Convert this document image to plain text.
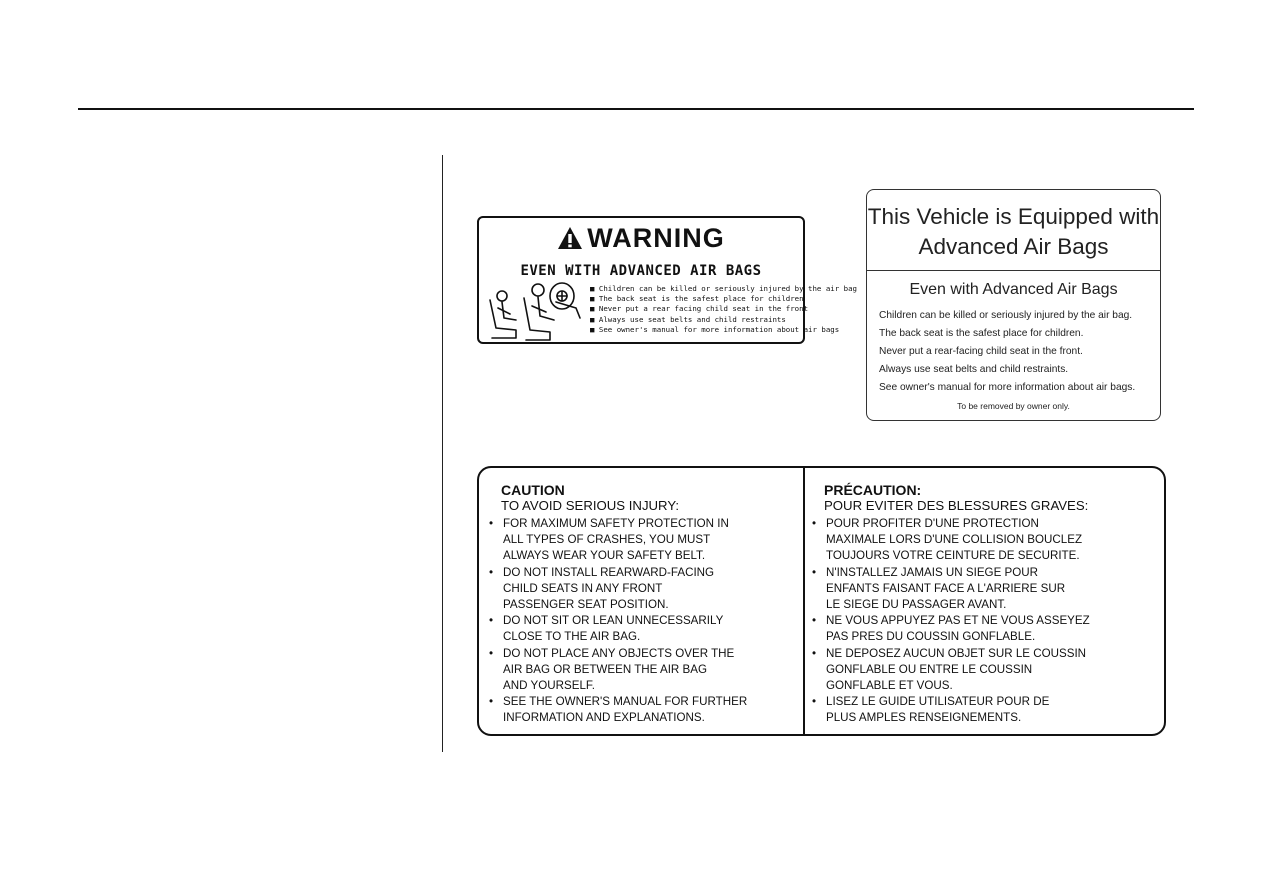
WARNING
EVEN WITH ADVANCED AIR BAGS
■ Children can be killed or seriously injured by the air bag
■ The back seat is the safest place for children
■ Never put a rear facing child seat in the front
■ Always use seat belts and child restraints
■ See owner's manual for more information about air bags
This Vehicle is Equipped with
Advanced Air Bags
Even with Advanced Air Bags
Children can be killed or seriously injured by the air bag.
The back seat is the safest place for children.
Never put a rear-facing child seat in the front.
Always use seat belts and child restraints.
See owner's manual for more information about air bags.
To be removed by owner only.
CAUTION
TO AVOID SERIOUS INJURY:
• FOR MAXIMUM SAFETY PROTECTION IN
ALL TYPES OF CRASHES, YOU MUST
ALWAYS WEAR YOUR SAFETY BELT.
• DO NOT INSTALL REARWARD-FACING
CHILD SEATS IN ANY FRONT
PASSENGER SEAT POSITION.
• DO NOT SIT OR LEAN UNNECESSARILY
CLOSE TO THE AIR BAG.
• DO NOT PLACE ANY OBJECTS OVER THE
AIR BAG OR BETWEEN THE AIR BAG
AND YOURSELF.
• SEE THE OWNER'S MANUAL FOR FURTHER
INFORMATION AND EXPLANATIONS.
PRÉCAUTION:
POUR EVITER DES BLESSURES GRAVES:
• POUR PROFITER D'UNE PROTECTION
MAXIMALE LORS D'UNE COLLISION BOUCLEZ
TOUJOURS VOTRE CEINTURE DE SECURITE.
• N'INSTALLEZ JAMAIS UN SIEGE POUR
ENFANTS FAISANT FACE A L'ARRIERE SUR
LE SIEGE DU PASSAGER AVANT.
• NE VOUS APPUYEZ PAS ET NE VOUS ASSEYEZ
PAS PRES DU COUSSIN GONFLABLE.
• NE DEPOSEZ AUCUN OBJET SUR LE COUSSIN
GONFLABLE OU ENTRE LE COUSSIN
GONFLABLE ET VOUS.
• LISEZ LE GUIDE UTILISATEUR POUR DE
PLUS AMPLES RENSEIGNEMENTS.
